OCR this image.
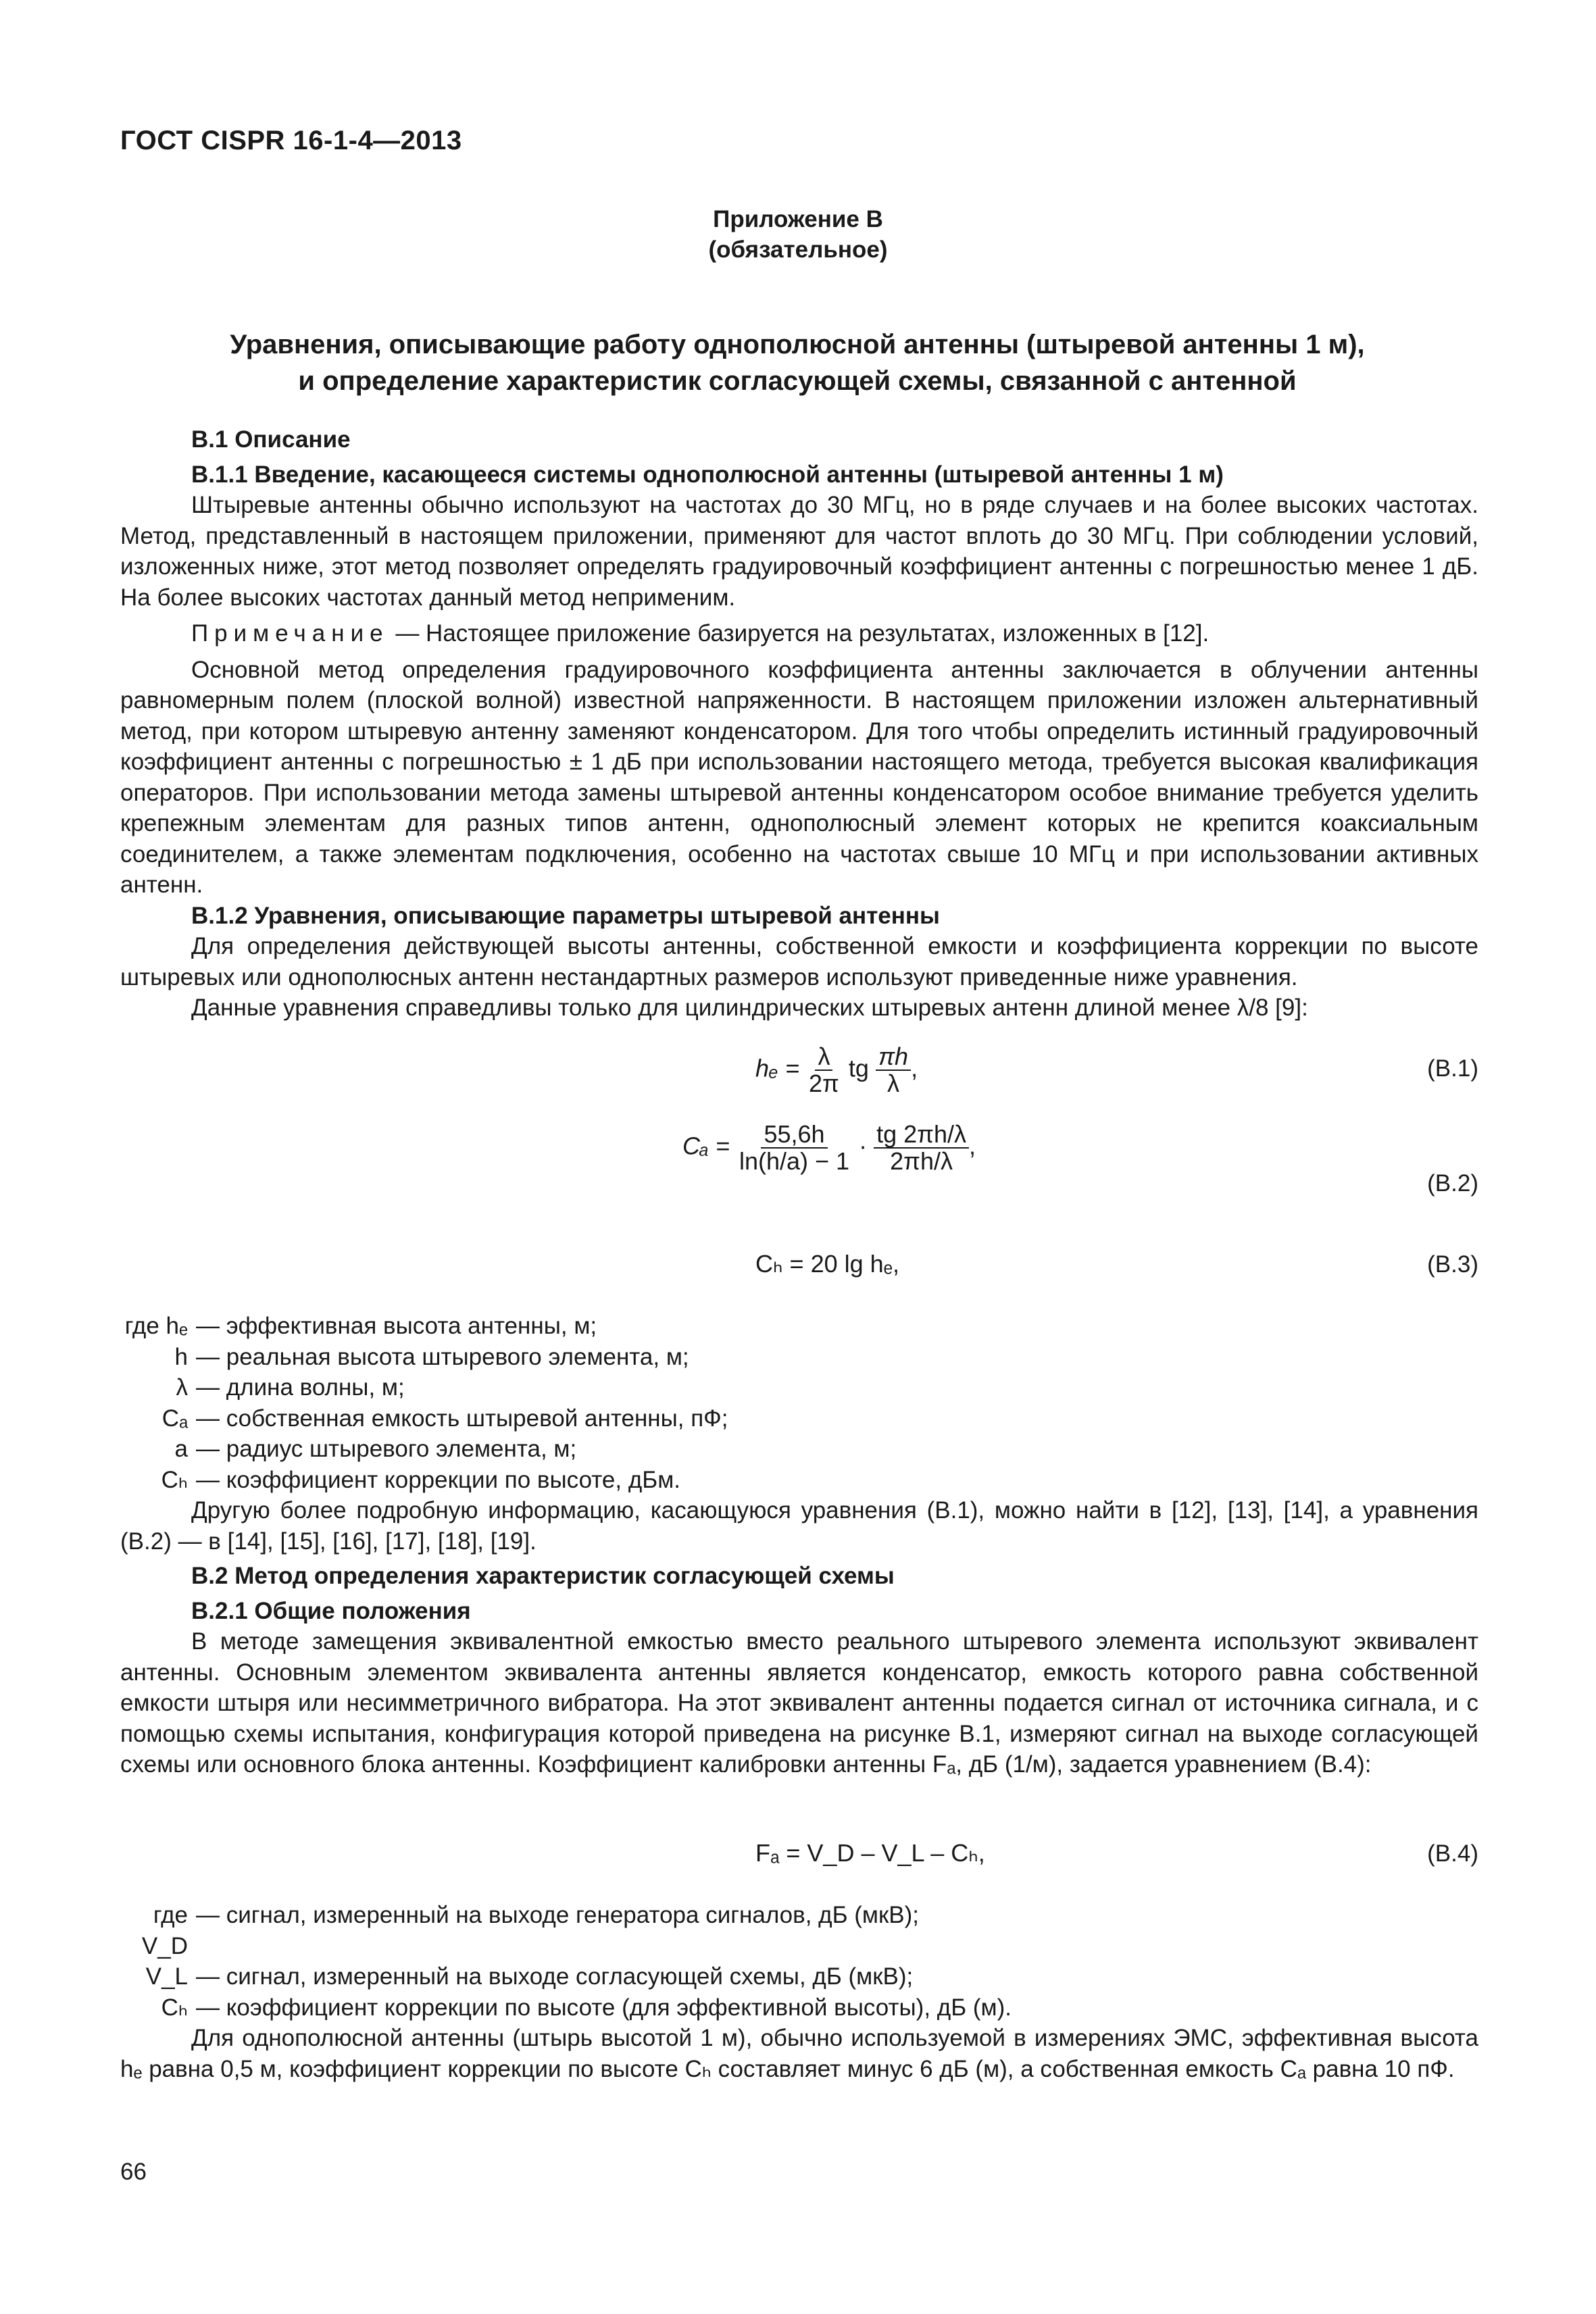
ГОСТ CISPR 16-1-4—2013
Приложение В
(обязательное)
Уравнения, описывающие работу однополюсной антенны (штыревой антенны 1 м),
и определение характеристик согласующей схемы, связанной с антенной
В.1 Описание
В.1.1 Введение, касающееся системы однополюсной антенны (штыревой антенны 1 м)

Штыревые антенны обычно используют на частотах до 30 МГц, но в ряде случаев и на более высоких частотах. Метод, представленный в настоящем приложении, применяют для частот вплоть до 30 МГц. При соблюдении условий, изложенных ниже, этот метод позволяет определять градуировочный коэффициент антенны с погрешностью менее 1 дБ. На более высоких частотах данный метод неприменим.

Примечание — Настоящее приложение базируется на результатах, изложенных в [12].

Основной метод определения градуировочного коэффициента антенны заключается в облучении антенны равномерным полем (плоской волной) известной напряженности. В настоящем приложении изложен альтернативный метод, при котором штыревую антенну заменяют конденсатором. Для того чтобы определить истинный градуировочный коэффициент антенны с погрешностью ± 1 дБ при использовании настоящего метода, требуется высокая квалификация операторов. При использовании метода замены штыревой антенны конденсатором особое внимание требуется уделить крепежным элементам для разных типов антенн, однополюсный элемент которых не крепится коаксиальным соединителем, а также элементам подключения, особенно на частотах свыше 10 МГц и при использовании активных антенн.

В.1.2 Уравнения, описывающие параметры штыревой антенны

Для определения действующей высоты антенны, собственной емкости и коэффициента коррекции по высоте штыревых или однополюсных антенн нестандартных размеров используют приведенные ниже уравнения.

Данные уравнения справедливы только для цилиндрических штыревых антенн длиной менее λ/8 [9]:

$h_e = \frac{\lambda}{2\pi}$ tg $\frac{\pi h}{\lambda}$ ,	(В.1)
$C_a = \frac{55,6h}{\ln(h/a) - 1} \cdot \frac{tg 2\pi h/\lambda}{2\pi h/\lambda}$ ,
(В.2)
Cₕ = 20 lg hₑ,	(В.3)
где hₑ — эффективная высота антенны, м;
h — реальная высота штыревого элемента, м;
λ — длина волны, м;
Cₐ — собственная емкость штыревой антенны, пФ;
a — радиус штыревого элемента, м;
Cₕ — коэффициент коррекции по высоте, дБм.

Другую более подробную информацию, касающуюся уравнения (В.1), можно найти в [12], [13], [14], а уравнения (В.2) — в [14], [15], [16], [17], [18], [19].

В.2 Метод определения характеристик согласующей схемы
В.2.1 Общие положения

В методе замещения эквивалентной емкостью вместо реального штыревого элемента используют эквивалент антенны. Основным элементом эквивалента антенны является конденсатор, емкость которого равна собственной емкости штыря или несимметричного вибратора. На этот эквивалент антенны подается сигнал от источника сигнала, и с помощью схемы испытания, конфигурация которой приведена на рисунке В.1, измеряют сигнал на выходе согласующей схемы или основного блока антенны. Коэффициент калибровки антенны Fₐ, дБ (1/м), задается уравнением (В.4):

Fₐ = V_D – V_L – Cₕ,	(В.4)
где V_D
— сигнал, измеренный на выходе генератора сигналов, дБ (мкВ);
V_L — сигнал, измеренный на выходе согласующей схемы, дБ (мкВ);
Cₕ — коэффициент коррекции по высоте (для эффективной высоты), дБ (м).

Для однополюсной антенны (штырь высотой 1 м), обычно используемой в измерениях ЭМС, эффективная высота hₑ равна 0,5 м, коэффициент коррекции по высоте Cₕ составляет минус 6 дБ (м), а собственная емкость Cₐ равна 10 пФ.

66
